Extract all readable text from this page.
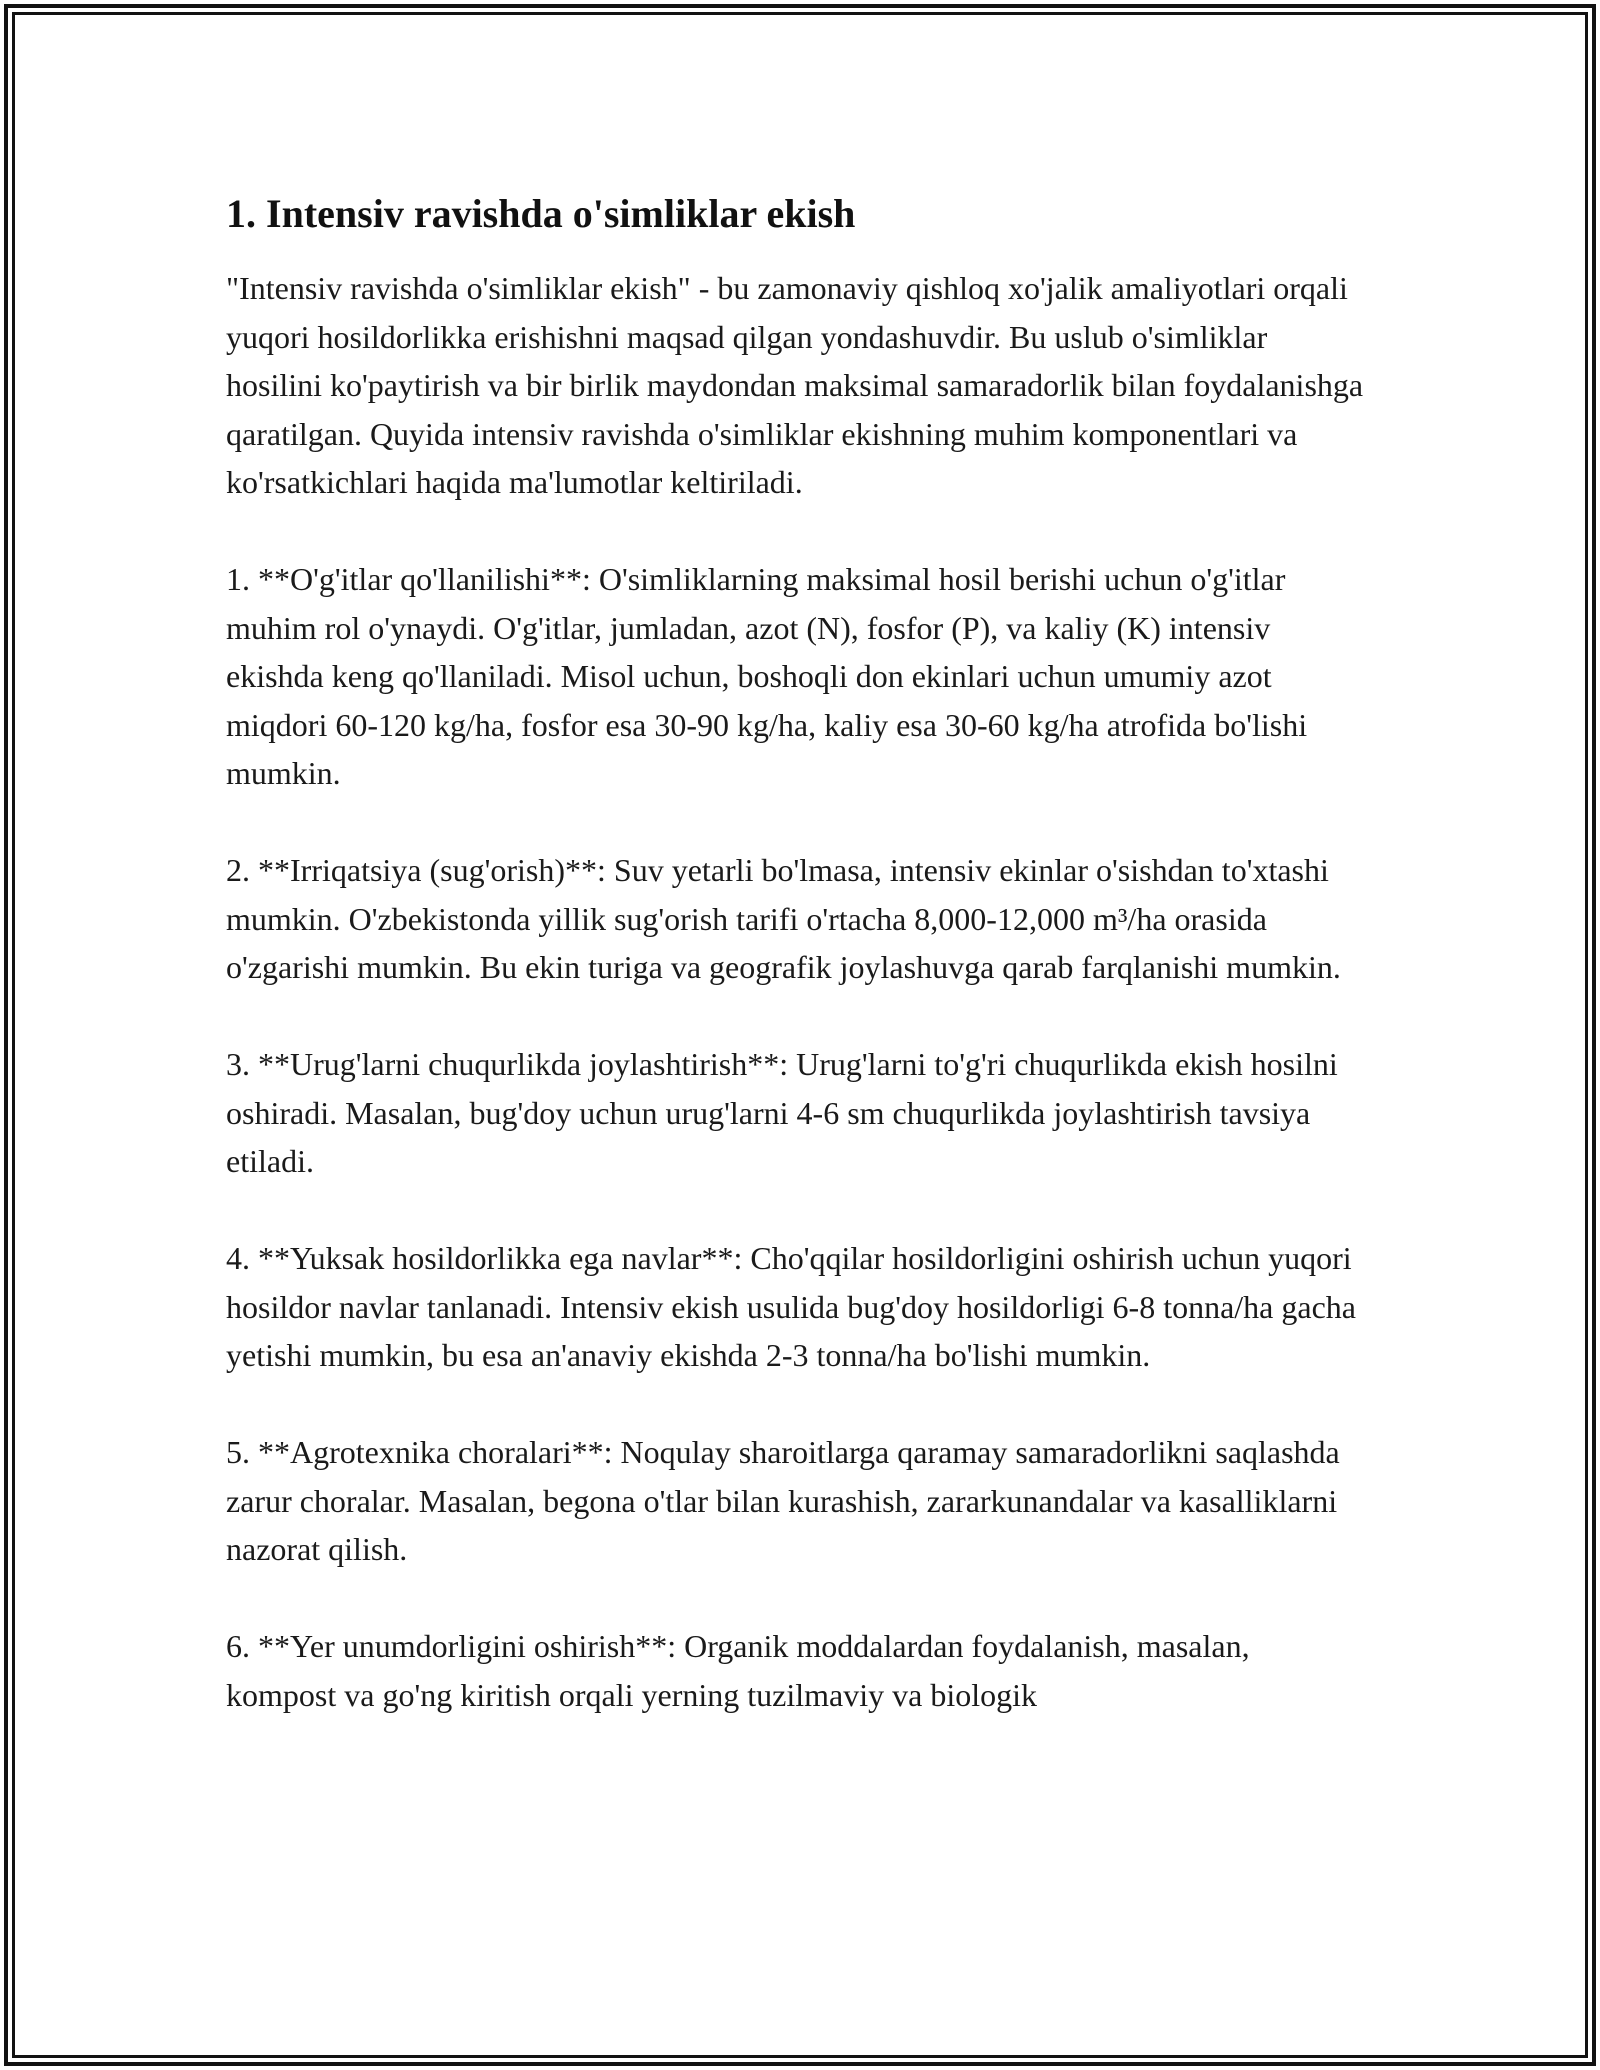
1. Intensiv ravishda o'simliklar ekish
"Intensiv ravishda o'simliklar ekish" - bu zamonaviy qishloq xo'jalik amaliyotlari orqali yuqori hosildorlikka erishishni maqsad qilgan yondashuvdir. Bu uslub o'simliklar hosilini ko'paytirish va bir birlik maydondan maksimal samaradorlik bilan foydalanishga qaratilgan. Quyida intensiv ravishda o'simliklar ekishning muhim komponentlari va ko'rsatkichlari haqida ma'lumotlar keltiriladi.
1. **O'g'itlar qo'llanilishi**: O'simliklarning maksimal hosil berishi uchun o'g'itlar muhim rol o'ynaydi. O'g'itlar, jumladan, azot (N), fosfor (P), va kaliy (K) intensiv ekishda keng qo'llaniladi. Misol uchun, boshoqli don ekinlari uchun umumiy azot miqdori 60-120 kg/ha, fosfor esa 30-90 kg/ha, kaliy esa 30-60 kg/ha atrofida bo'lishi mumkin.
2. **Irriqatsiya (sug'orish)**: Suv yetarli bo'lmasa, intensiv ekinlar o'sishdan to'xtashi mumkin. O'zbekistonda yillik sug'orish tarifi o'rtacha 8,000-12,000 m³/ha orasida o'zgarishi mumkin. Bu ekin turiga va geografik joylashuvga qarab farqlanishi mumkin.
3. **Urug'larni chuqurlikda joylashtirish**: Urug'larni to'g'ri chuqurlikda ekish hosilni oshiradi. Masalan, bug'doy uchun urug'larni 4-6 sm chuqurlikda joylashtirish tavsiya etiladi.
4. **Yuksak hosildorlikka ega navlar**: Cho'qqilar hosildorligini oshirish uchun yuqori hosildor navlar tanlanadi. Intensiv ekish usulida bug'doy hosildorligi 6-8 tonna/ha gacha yetishi mumkin, bu esa an'anaviy ekishda 2-3 tonna/ha bo'lishi mumkin.
5. **Agrotexnika choralari**: Noqulay sharoitlarga qaramay samaradorlikni saqlashda zarur choralar. Masalan, begona o'tlar bilan kurashish, zararkunandalar va kasalliklarni nazorat qilish.
6. **Yer unumdorligini oshirish**: Organik moddalardan foydalanish, masalan, kompost va go'ng kiritish orqali yerning tuzilmaviy va biologik
